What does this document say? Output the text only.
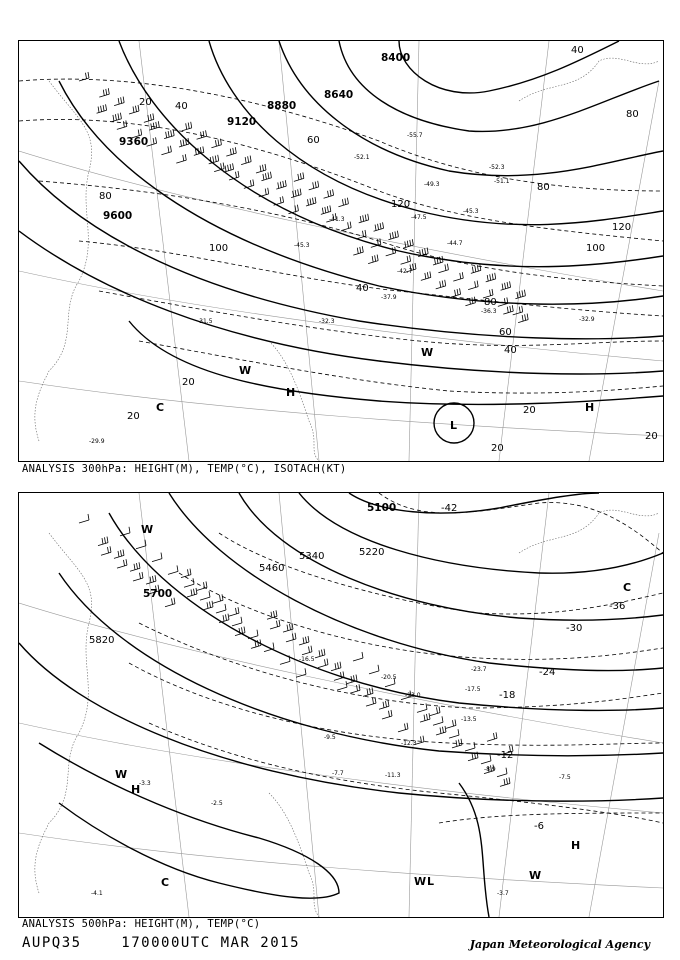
8400
8640
8880
9120
9360
9600
20 40
60
80
100
120
40
80
100
120
80
60
40
20
20
20
20
20
40
80
-52.3
-51.1
-45.3
-44.7
-42.7
-37.9
-32.3
-31.5
-29.9
-36.3
-32.9
-55.7
-52.1
-41.3
-45.3
-49.3
-47.5
H
H
W
W
C
L
ANALYSIS 300hPa: HEIGHT(M), TEMP(°C), ISOTACH(KT)
5100
5220
5340
5460
5700
5820
-42
-36
-30
-24
-18
-12
-6
-23.7
-17.5
-13.5
-11.3
-8.9
-7.5
-3.7
-4.1
-3.3
-2.5
-7.7
-20.5
-13.0
-9.5
-12.3
-16.5
H
H
W
W
W	W
C
C	L
ANALYSIS 500hPa: HEIGHT(M), TEMP(°C)
AUPQ35	170000UTC MAR 2015	Japan Meteorological Agency
